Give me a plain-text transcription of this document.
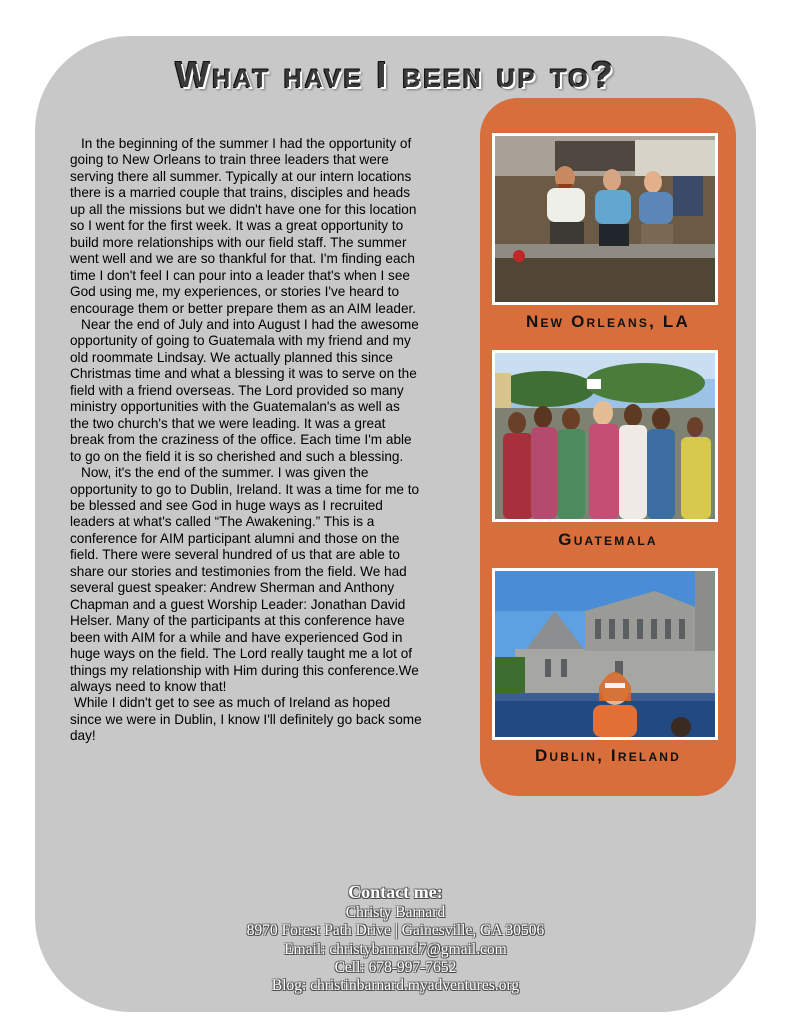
What have I been up to?

In the beginning of the summer I had the opportunity of going to New Orleans to train three leaders that were serving there all summer. Typically at our intern locations there is a married couple that trains, disciples and heads up all the missions but we didn't have one for this location so I went for the first week. It was a great opportunity to build more relationships with our field staff. The summer went well and we are so thankful for that. I'm finding each time I don't feel I can pour into a leader that's when I see God using me, my experiences, or stories I've heard to encourage them or better prepare them as an AIM leader.

Near the end of July and into August I had the awesome opportunity of going to Guatemala with my friend and my old roommate Lindsay. We actually planned this since Christmas time and what a blessing it was to serve on the field with a friend overseas. The Lord provided so many ministry opportunities with the Guatemalan's as well as the two church's that we were leading. It was a great break from the craziness of the office. Each time I'm able to go on the field it is so cherished and such a blessing.

Now, it's the end of the summer. I was given the opportunity to go to Dublin, Ireland. It was a time for me to be blessed and see God in huge ways as I recruited leaders at what's called “The Awakening.” This is a conference for AIM participant alumni and those on the field. There were several hundred of us that are able to share our stories and testimonies from the field. We had several guest speaker: Andrew Sherman and Anthony Chapman and a guest Worship Leader: Jonathan David Helser. Many of the participants at this conference have been with AIM for a while and have experienced God in huge ways on the field. The Lord really taught me a lot of things my relationship with Him during this conference.We always need to know that!

While I didn't get to see as much of Ireland as hoped since we were in Dublin, I know I'll definitely go back some day!

New Orleans, LA
Guatemala
Dublin, Ireland
Contact me:
Christy Barnard
8970 Forest Path Drive | Gainesville, GA 30506
Email: christybarnard7@gmail.com
Cell: 678-997-7652
Blog: christinbarnard.myadventures.org
